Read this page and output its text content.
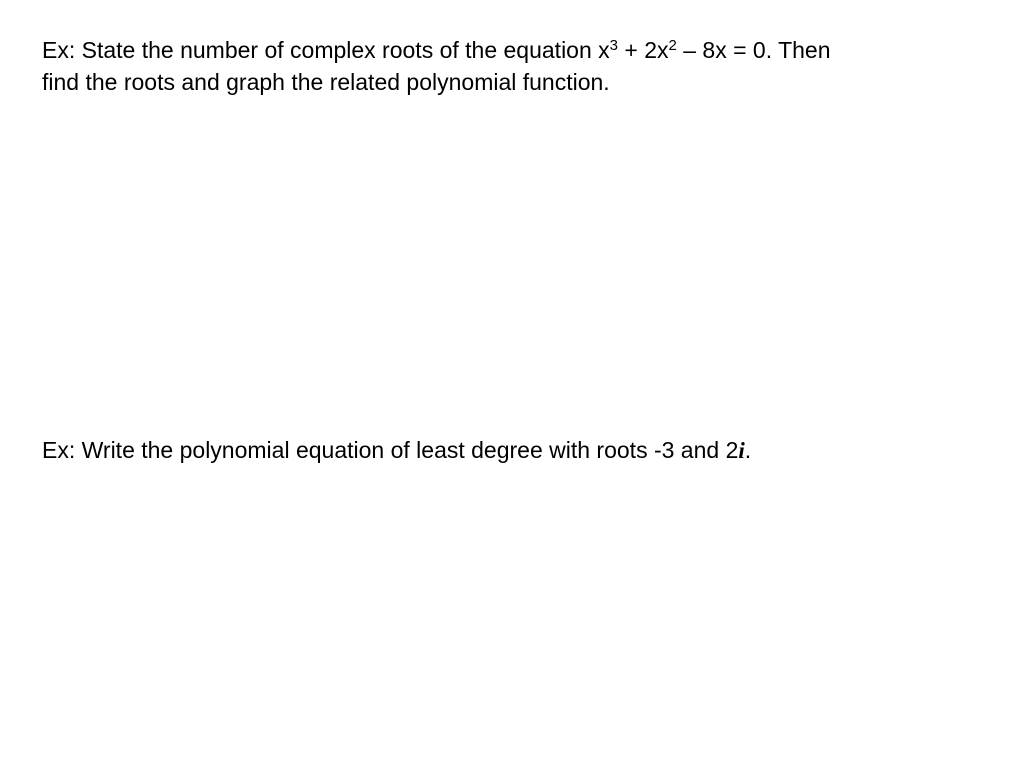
Ex: State the number of complex roots of the equation $x^3 + 2x^2 - 8x = 0$. Then
find the roots and graph the related polynomial function.

Ex: Write the polynomial equation of least degree with roots -3 and 2i.
